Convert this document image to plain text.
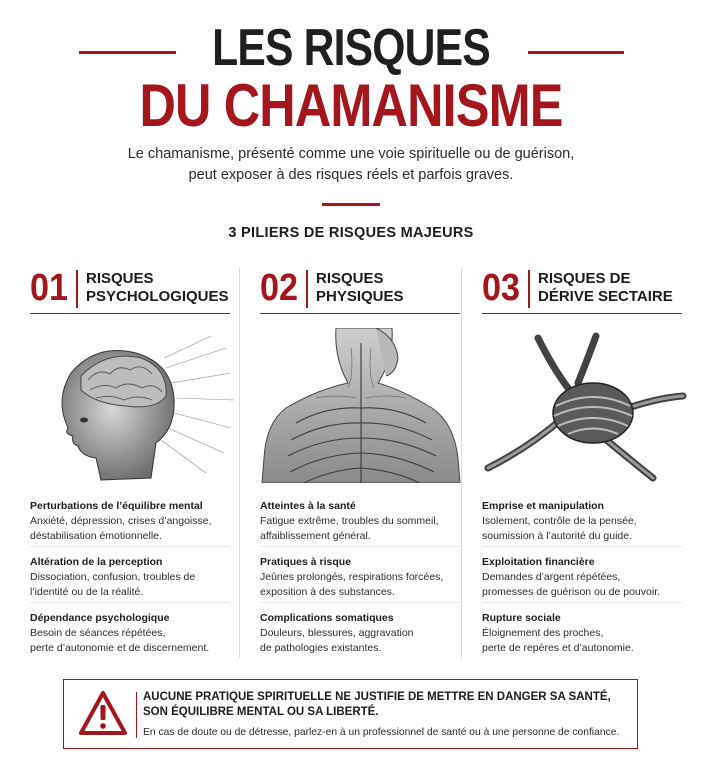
LES RISQUES
DU CHAMANISME
Le chamanisme, présenté comme une voie spirituelle ou de guérison,
peut exposer à des risques réels et parfois graves.
3 PILIERS DE RISQUES MAJEURS
01 RISQUES
PSYCHOLOGIQUES
Perturbations de l’équilibre mental
Anxiété, dépression, crises d’angoisse,
déstabilisation émotionnelle.
Altération de la perception
Dissociation, confusion, troubles de
l’identité ou de la réalité.
Dépendance psychologique
Besoin de séances répétées,
perte d’autonomie et de discernement.
02 RISQUES
PHYSIQUES
Atteintes à la santé
Fatigue extrême, troubles du sommeil,
affaiblissement général.
Pratiques à risque
Jeûnes prolongés, respirations forcées,
exposition à des substances.
Complications somatiques
Douleurs, blessures, aggravation
de pathologies existantes.
03 RISQUES DE
DÉRIVE SECTAIRE
Emprise et manipulation
Isolement, contrôle de la pensée,
soumission à l’autorité du guide.
Exploitation financière
Demandes d’argent répétées,
promesses de guérison ou de pouvoir.
Rupture sociale
Éloignement des proches,
perte de repères et d’autonomie.
AUCUNE PRATIQUE SPIRITUELLE NE JUSTIFIE DE METTRE EN DANGER SA SANTÉ,
SON ÉQUILIBRE MENTAL OU SA LIBERTÉ.
En cas de doute ou de détresse, parlez-en à un professionnel de santé ou à une personne de confiance.
